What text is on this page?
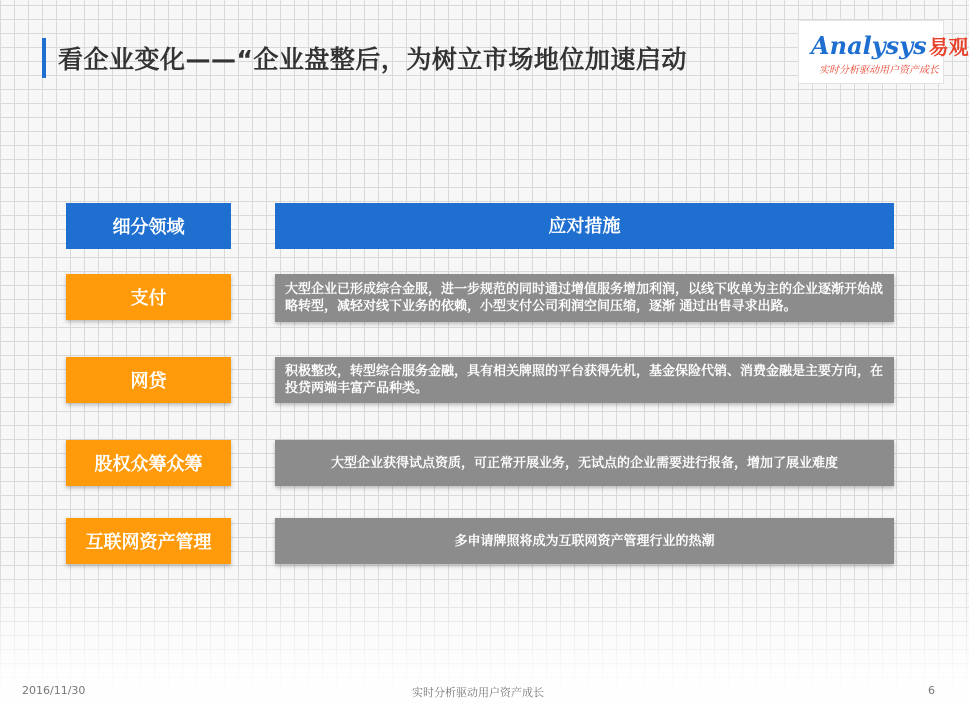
看企业变化——“企业盘整后，为树立市场地位加速启动	Analysys 易观
实时分析驱动用户资产成长
细分领域	应对措施
支付	大型企业已形成综合金服，进一步规范的同时通过增值服务增加利润，以线下收单为主的企业逐渐开始战略转型，减轻对线下业务的依赖，小型支付公司利润空间压缩，逐渐 通过出售寻求出路。
网贷	积极整改，转型综合服务金融，具有相关牌照的平台获得先机，基金保险代销、消费金融是主要方向，在投贷两端丰富产品种类。
股权众筹众筹	大型企业获得试点资质，可正常开展业务，无试点的企业需要进行报备，增加了展业难度
互联网资产管理	多申请牌照将成为互联网资产管理行业的热潮
2016/11/30	实时分析驱动用户资产成长	6
